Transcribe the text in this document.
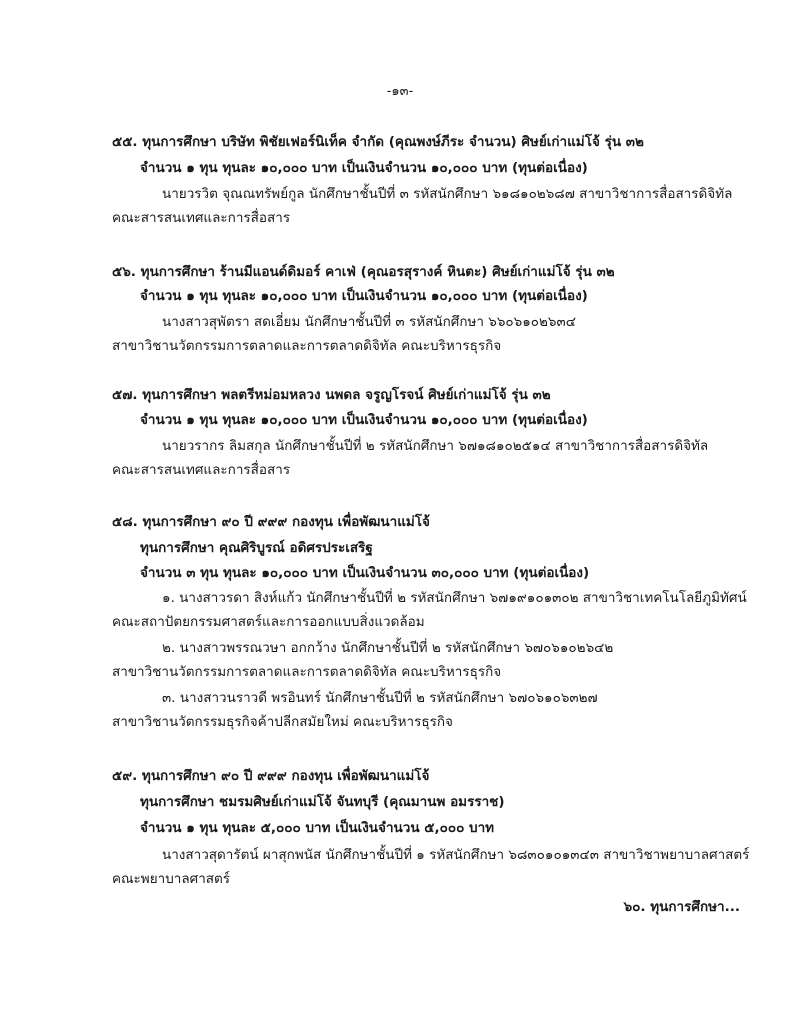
-๑๓-
๕๕. ทุนการศึกษา บริษัท พิชัยเฟอร์นิเท็ค จำกัด (คุณพงษ์ภีระ จำนวน) ศิษย์เก่าแม่โจ้ รุ่น ๓๒
จำนวน ๑ ทุน ทุนละ ๑๐,๐๐๐ บาท เป็นเงินจำนวน ๑๐,๐๐๐ บาท (ทุนต่อเนื่อง)
นายวรวิต จุณณทรัพย์กูล นักศึกษาชั้นปีที่ ๓ รหัสนักศึกษา ๖๑๘๑๐๒๖๘๗ สาขาวิชาการสื่อสารดิจิทัล
คณะสารสนเทศและการสื่อสาร
๕๖. ทุนการศึกษา ร้านมีแอนด์ดิมอร์ คาเฟ่ (คุณอรสุรางค์ หินตะ) ศิษย์เก่าแม่โจ้ รุ่น ๓๒
จำนวน ๑ ทุน ทุนละ ๑๐,๐๐๐ บาท เป็นเงินจำนวน ๑๐,๐๐๐ บาท (ทุนต่อเนื่อง)
นางสาวสุพัตรา สดเอี่ยม นักศึกษาชั้นปีที่ ๓ รหัสนักศึกษา ๖๖๐๖๑๐๒๖๓๔
สาขาวิชานวัตกรรมการตลาดและการตลาดดิจิทัล คณะบริหารธุรกิจ
๕๗. ทุนการศึกษา พลตรีหม่อมหลวง นพดล จรูญโรจน์ ศิษย์เก่าแม่โจ้ รุ่น ๓๒
จำนวน ๑ ทุน ทุนละ ๑๐,๐๐๐ บาท เป็นเงินจำนวน ๑๐,๐๐๐ บาท (ทุนต่อเนื่อง)
นายวรากร ลิมสกุล นักศึกษาชั้นปีที่ ๒ รหัสนักศึกษา ๖๗๑๘๑๐๒๕๑๔ สาขาวิชาการสื่อสารดิจิทัล
คณะสารสนเทศและการสื่อสาร
๕๘. ทุนการศึกษา ๙๐ ปี ๙๙๙ กองทุน เพื่อพัฒนาแม่โจ้
ทุนการศึกษา คุณศิริบูรณ์ อดิศรประเสริฐ
จำนวน ๓ ทุน ทุนละ ๑๐,๐๐๐ บาท เป็นเงินจำนวน ๓๐,๐๐๐ บาท (ทุนต่อเนื่อง)
๑. นางสาวรดา สิงห์แก้ว นักศึกษาชั้นปีที่ ๒ รหัสนักศึกษา ๖๗๑๙๑๐๑๓๐๒ สาขาวิชาเทคโนโลยีภูมิทัศน์
คณะสถาปัตยกรรมศาสตร์และการออกแบบสิ่งแวดล้อม
๒. นางสาวพรรณวษา อกกว้าง นักศึกษาชั้นปีที่ ๒ รหัสนักศึกษา ๖๗๐๖๑๐๒๖๔๒
สาขาวิชานวัตกรรมการตลาดและการตลาดดิจิทัล คณะบริหารธุรกิจ
๓. นางสาวนราวดี พรอินทร์ นักศึกษาชั้นปีที่ ๒ รหัสนักศึกษา ๖๗๐๖๑๐๖๓๒๗
สาขาวิชานวัตกรรมธุรกิจค้าปลีกสมัยใหม่ คณะบริหารธุรกิจ
๕๙. ทุนการศึกษา ๙๐ ปี ๙๙๙ กองทุน เพื่อพัฒนาแม่โจ้
ทุนการศึกษา ชมรมศิษย์เก่าแม่โจ้ จันทบุรี (คุณมานพ อมรราช)
จำนวน ๑ ทุน ทุนละ ๕,๐๐๐ บาท เป็นเงินจำนวน ๕,๐๐๐ บาท
นางสาวสุดารัตน์ ผาสุกพนัส นักศึกษาชั้นปีที่ ๑ รหัสนักศึกษา ๖๘๓๐๑๐๑๓๔๓ สาขาวิชาพยาบาลศาสตร์
คณะพยาบาลศาสตร์
๖๐. ทุนการศึกษา...
